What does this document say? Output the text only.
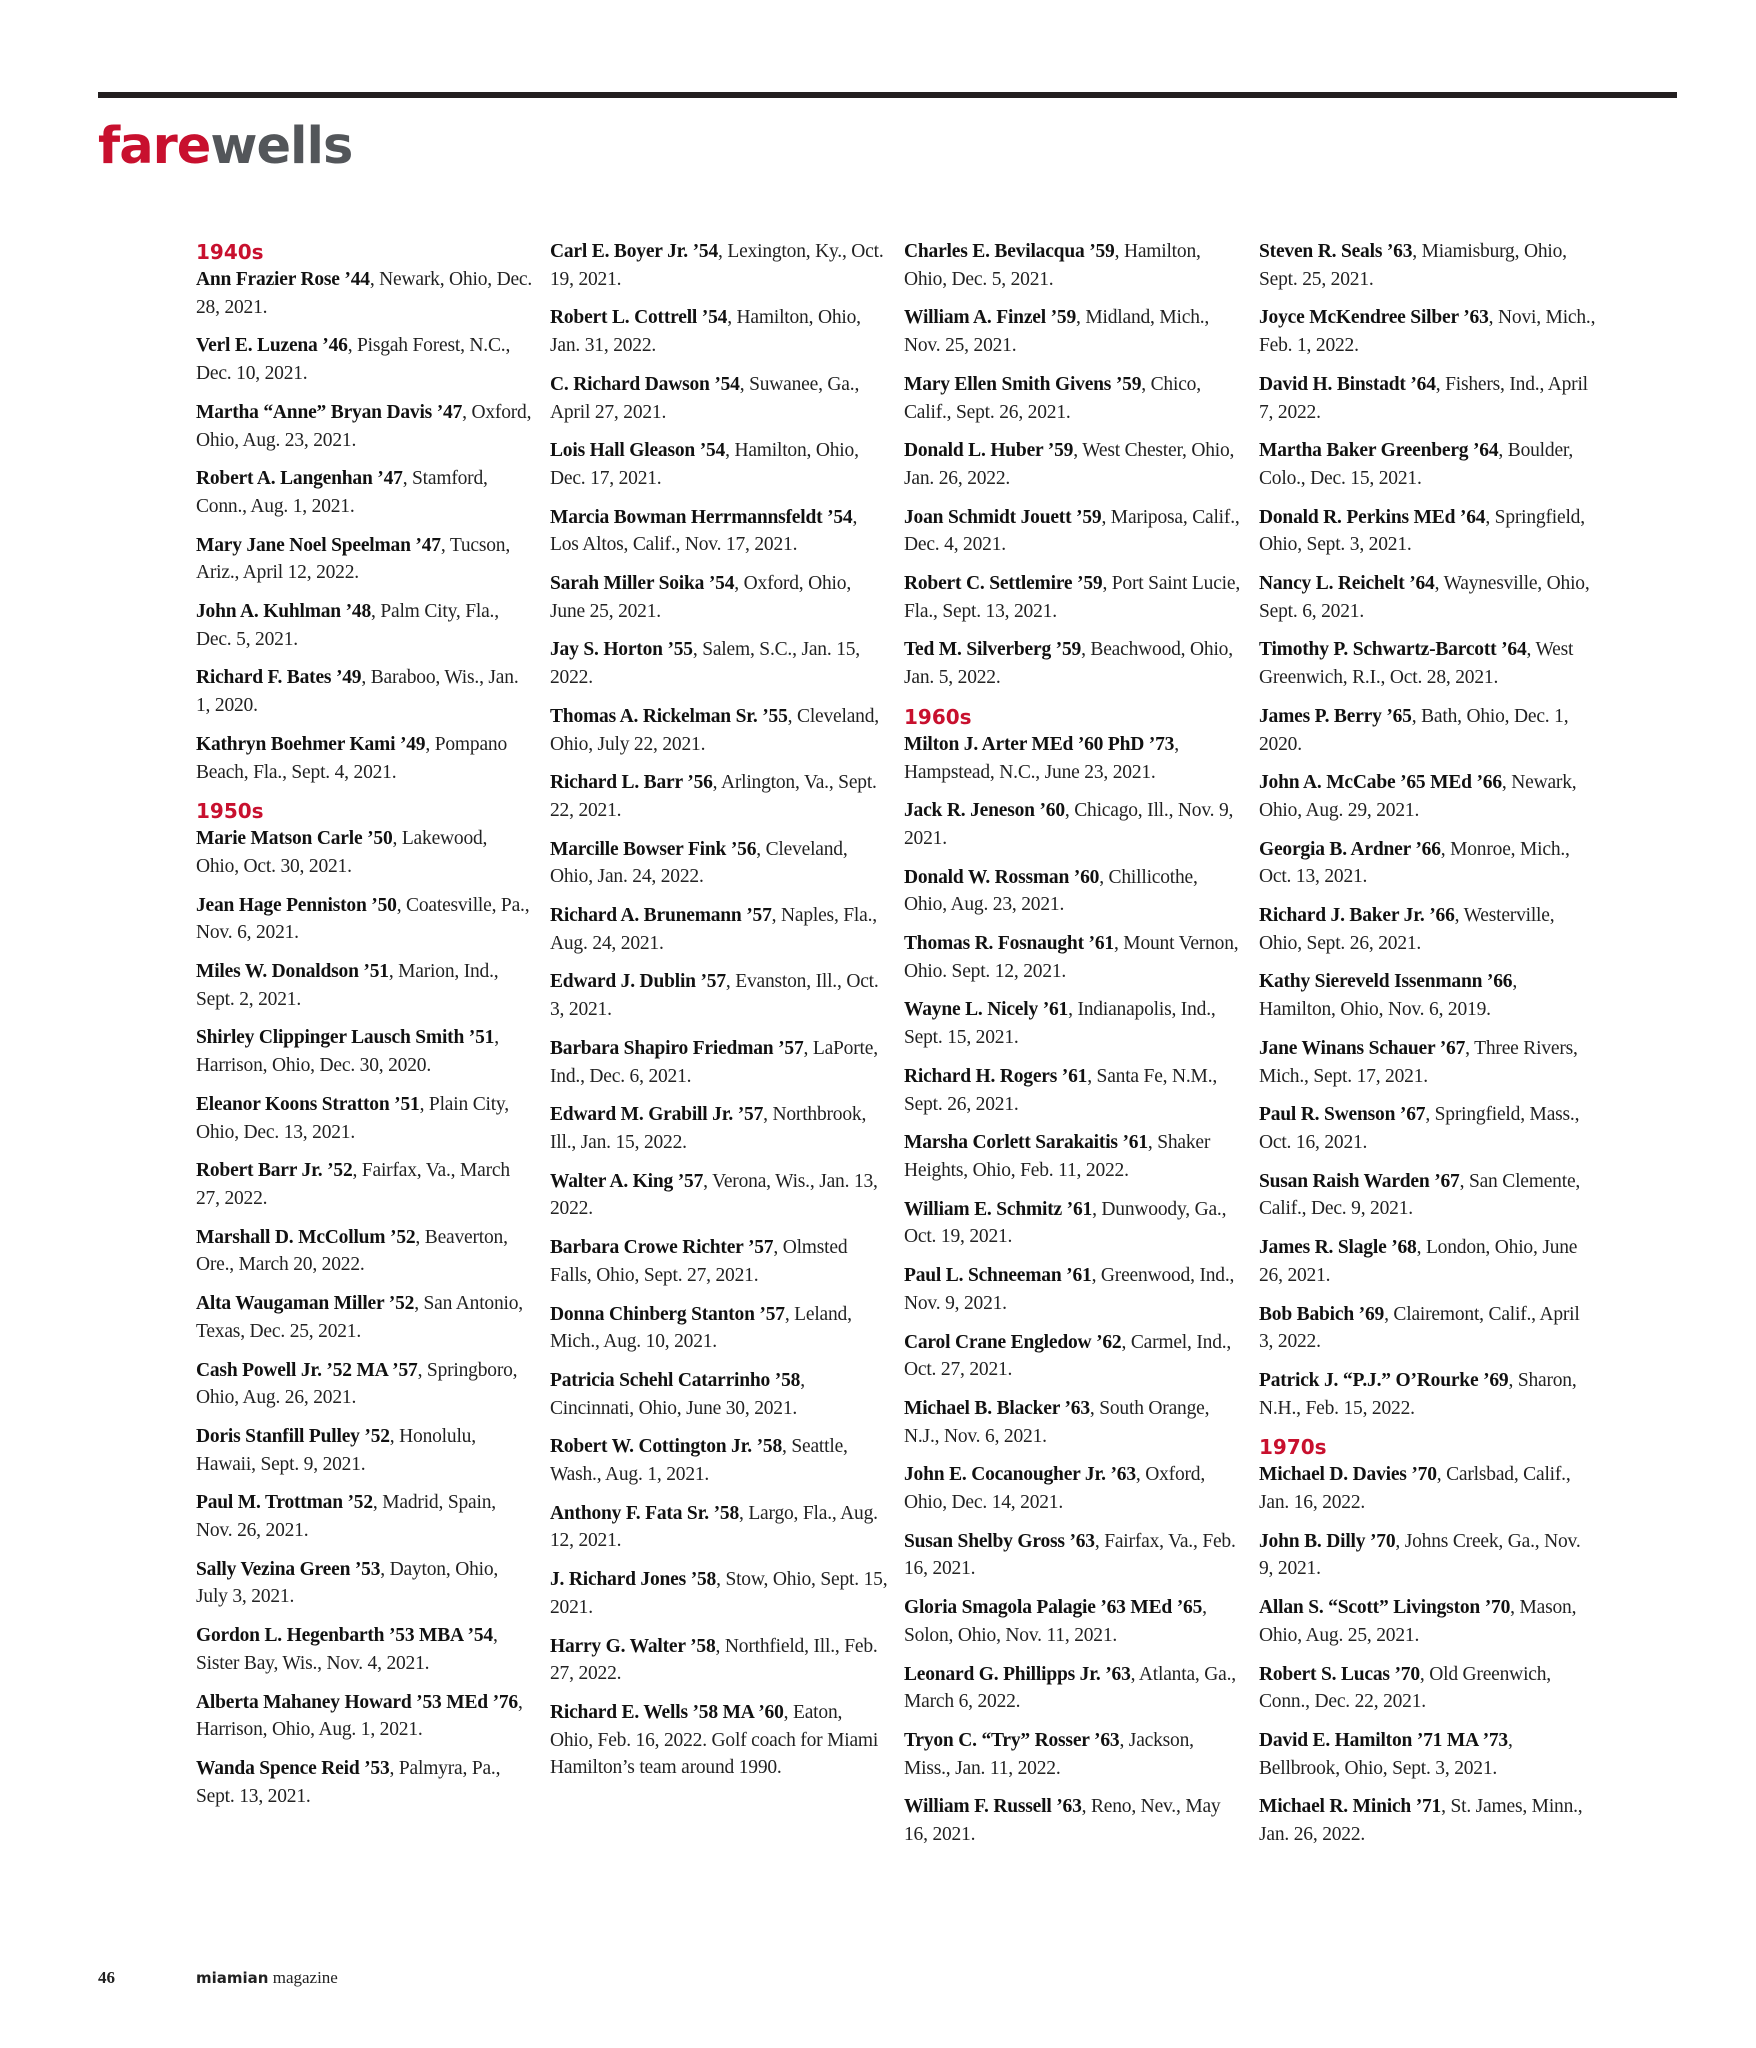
farewells
1940s

Ann Frazier Rose ’44, Newark, Ohio, Dec. 28, 2021.

Verl E. Luzena ’46, Pisgah Forest, N.C., Dec. 10, 2021.

Martha “Anne” Bryan Davis ’47, Oxford, Ohio, Aug. 23, 2021.

Robert A. Langenhan ’47, Stamford, Conn., Aug. 1, 2021.

Mary Jane Noel Speelman ’47, Tucson, Ariz., April 12, 2022.

John A. Kuhlman ’48, Palm City, Fla., Dec. 5, 2021.

Richard F. Bates ’49, Baraboo, Wis., Jan. 1, 2020.

Kathryn Boehmer Kami ’49, Pompano Beach, Fla., Sept. 4, 2021.

1950s

Marie Matson Carle ’50, Lakewood, Ohio, Oct. 30, 2021.

Jean Hage Penniston ’50, Coatesville, Pa., Nov. 6, 2021.

Miles W. Donaldson ’51, Marion, Ind., Sept. 2, 2021.

Shirley Clippinger Lausch Smith ’51, Harrison, Ohio, Dec. 30, 2020.

Eleanor Koons Stratton ’51, Plain City, Ohio, Dec. 13, 2021.

Robert Barr Jr. ’52, Fairfax, Va., March 27, 2022.

Marshall D. McCollum ’52, Beaverton, Ore., March 20, 2022.

Alta Waugaman Miller ’52, San Antonio, Texas, Dec. 25, 2021.

Cash Powell Jr. ’52 MA ’57, Springboro, Ohio, Aug. 26, 2021.

Doris Stanfill Pulley ’52, Honolulu, Hawaii, Sept. 9, 2021.

Paul M. Trottman ’52, Madrid, Spain, Nov. 26, 2021.

Sally Vezina Green ’53, Dayton, Ohio, July 3, 2021.

Gordon L. Hegenbarth ’53 MBA ’54, Sister Bay, Wis., Nov. 4, 2021.

Alberta Mahaney Howard ’53 MEd ’76, Harrison, Ohio, Aug. 1, 2021.

Wanda Spence Reid ’53, Palmyra, Pa., Sept. 13, 2021.

Carl E. Boyer Jr. ’54, Lexington, Ky., Oct. 19, 2021.

Robert L. Cottrell ’54, Hamilton, Ohio, Jan. 31, 2022.

C. Richard Dawson ’54, Suwanee, Ga., April 27, 2021.

Lois Hall Gleason ’54, Hamilton, Ohio, Dec. 17, 2021.

Marcia Bowman Herrmannsfeldt ’54, Los Altos, Calif., Nov. 17, 2021.

Sarah Miller Soika ’54, Oxford, Ohio, June 25, 2021.

Jay S. Horton ’55, Salem, S.C., Jan. 15, 2022.

Thomas A. Rickelman Sr. ’55, Cleveland, Ohio, July 22, 2021.

Richard L. Barr ’56, Arlington, Va., Sept. 22, 2021.

Marcille Bowser Fink ’56, Cleveland, Ohio, Jan. 24, 2022.

Richard A. Brunemann ’57, Naples, Fla., Aug. 24, 2021.

Edward J. Dublin ’57, Evanston, Ill., Oct. 3, 2021.

Barbara Shapiro Friedman ’57, LaPorte, Ind., Dec. 6, 2021.

Edward M. Grabill Jr. ’57, Northbrook, Ill., Jan. 15, 2022.

Walter A. King ’57, Verona, Wis., Jan. 13, 2022.

Barbara Crowe Richter ’57, Olmsted Falls, Ohio, Sept. 27, 2021.

Donna Chinberg Stanton ’57, Leland, Mich., Aug. 10, 2021.

Patricia Schehl Catarrinho ’58, Cincinnati, Ohio, June 30, 2021.

Robert W. Cottington Jr. ’58, Seattle, Wash., Aug. 1, 2021.

Anthony F. Fata Sr. ’58, Largo, Fla., Aug. 12, 2021.

J. Richard Jones ’58, Stow, Ohio, Sept. 15, 2021.

Harry G. Walter ’58, Northfield, Ill., Feb. 27, 2022.

Richard E. Wells ’58 MA ’60, Eaton, Ohio, Feb. 16, 2022. Golf coach for Miami Hamilton’s team around 1990.

Charles E. Bevilacqua ’59, Hamilton, Ohio, Dec. 5, 2021.

William A. Finzel ’59, Midland, Mich., Nov. 25, 2021.

Mary Ellen Smith Givens ’59, Chico, Calif., Sept. 26, 2021.

Donald L. Huber ’59, West Chester, Ohio, Jan. 26, 2022.

Joan Schmidt Jouett ’59, Mariposa, Calif., Dec. 4, 2021.

Robert C. Settlemire ’59, Port Saint Lucie, Fla., Sept. 13, 2021.

Ted M. Silverberg ’59, Beachwood, Ohio, Jan. 5, 2022.

1960s

Milton J. Arter MEd ’60 PhD ’73, Hampstead, N.C., June 23, 2021.

Jack R. Jeneson ’60, Chicago, Ill., Nov. 9, 2021.

Donald W. Rossman ’60, Chillicothe, Ohio, Aug. 23, 2021.

Thomas R. Fosnaught ’61, Mount Vernon, Ohio. Sept. 12, 2021.

Wayne L. Nicely ’61, Indianapolis, Ind., Sept. 15, 2021.

Richard H. Rogers ’61, Santa Fe, N.M., Sept. 26, 2021.

Marsha Corlett Sarakaitis ’61, Shaker Heights, Ohio, Feb. 11, 2022.

William E. Schmitz ’61, Dunwoody, Ga., Oct. 19, 2021.

Paul L. Schneeman ’61, Greenwood, Ind., Nov. 9, 2021.

Carol Crane Engledow ’62, Carmel, Ind., Oct. 27, 2021.

Michael B. Blacker ’63, South Orange, N.J., Nov. 6, 2021.

John E. Cocanougher Jr. ’63, Oxford, Ohio, Dec. 14, 2021.

Susan Shelby Gross ’63, Fairfax, Va., Feb. 16, 2021.

Gloria Smagola Palagie ’63 MEd ’65, Solon, Ohio, Nov. 11, 2021.

Leonard G. Phillipps Jr. ’63, Atlanta, Ga., March 6, 2022.

Tryon C. “Try” Rosser ’63, Jackson, Miss., Jan. 11, 2022.

William F. Russell ’63, Reno, Nev., May 16, 2021.

Steven R. Seals ’63, Miamisburg, Ohio, Sept. 25, 2021.

Joyce McKendree Silber ’63, Novi, Mich., Feb. 1, 2022.

David H. Binstadt ’64, Fishers, Ind., April 7, 2022.

Martha Baker Greenberg ’64, Boulder, Colo., Dec. 15, 2021.

Donald R. Perkins MEd ’64, Springfield, Ohio, Sept. 3, 2021.

Nancy L. Reichelt ’64, Waynesville, Ohio, Sept. 6, 2021.

Timothy P. Schwartz-Barcott ’64, West Greenwich, R.I., Oct. 28, 2021.

James P. Berry ’65, Bath, Ohio, Dec. 1, 2020.

John A. McCabe ’65 MEd ’66, Newark, Ohio, Aug. 29, 2021.

Georgia B. Ardner ’66, Monroe, Mich., Oct. 13, 2021.

Richard J. Baker Jr. ’66, Westerville, Ohio, Sept. 26, 2021.

Kathy Siereveld Issenmann ’66, Hamilton, Ohio, Nov. 6, 2019.

Jane Winans Schauer ’67, Three Rivers, Mich., Sept. 17, 2021.

Paul R. Swenson ’67, Springfield, Mass., Oct. 16, 2021.

Susan Raish Warden ’67, San Clemente, Calif., Dec. 9, 2021.

James R. Slagle ’68, London, Ohio, June 26, 2021.

Bob Babich ’69, Clairemont, Calif., April 3, 2022.

Patrick J. “P.J.” O’Rourke ’69, Sharon, N.H., Feb. 15, 2022.

1970s

Michael D. Davies ’70, Carlsbad, Calif., Jan. 16, 2022.

John B. Dilly ’70, Johns Creek, Ga., Nov. 9, 2021.

Allan S. “Scott” Livingston ’70, Mason, Ohio, Aug. 25, 2021.

Robert S. Lucas ’70, Old Greenwich, Conn., Dec. 22, 2021.

David E. Hamilton ’71 MA ’73, Bellbrook, Ohio, Sept. 3, 2021.

Michael R. Minich ’71, St. James, Minn., Jan. 26, 2022.

46	miamian magazine
